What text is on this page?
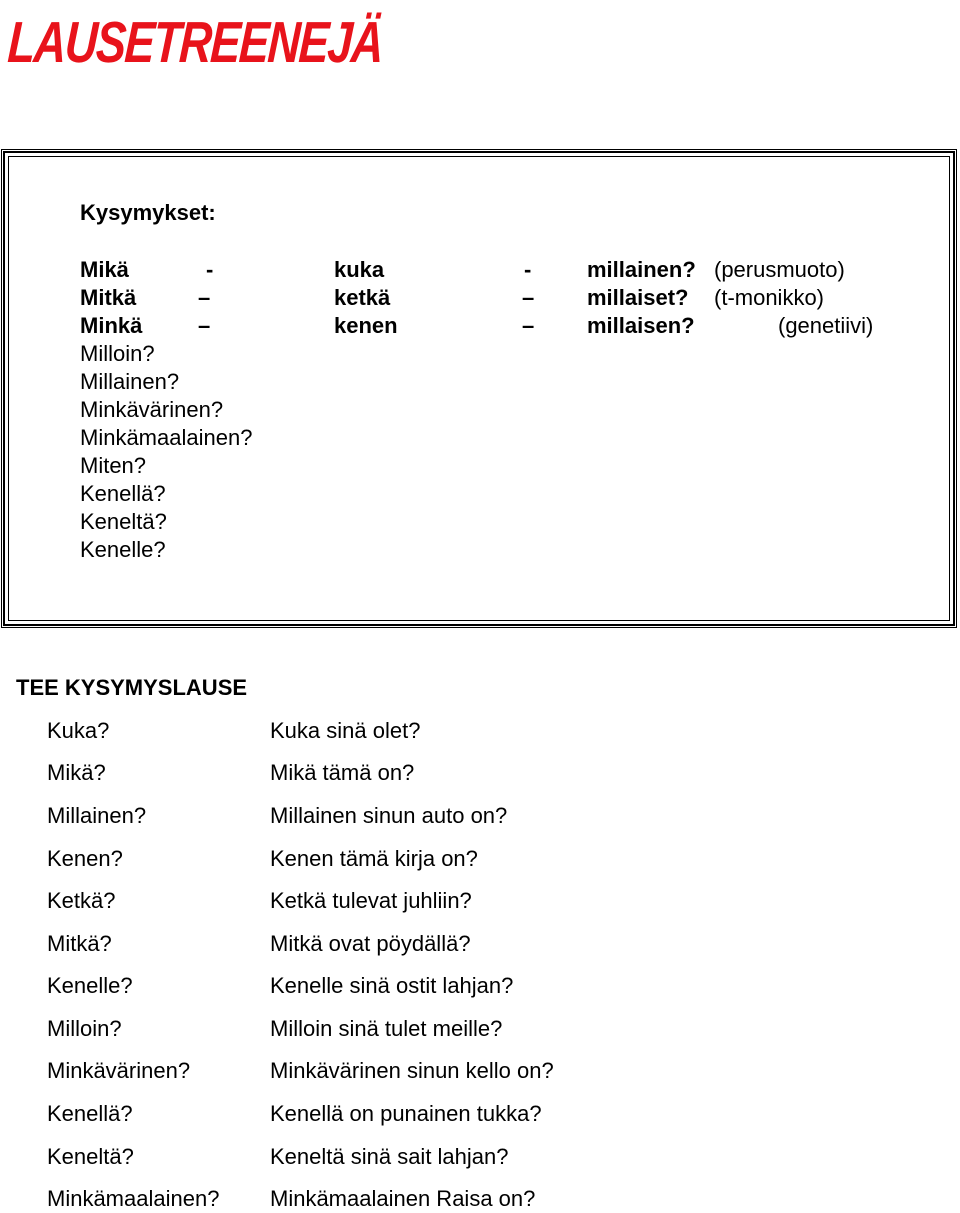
LAUSETREENEJÄ
Kysymykset:
Mikä	-	kuka	-	millainen? (perusmuoto)
Mitkä	–	ketkä	– millaiset? (t-monikko)
Minkä	–	kenen	– millaisen?	(genetiivi)
Milloin?
Millainen?
Minkävärinen?
Minkämaalainen?
Miten?
Kenellä?
Keneltä?
Kenelle?
TEE KYSYMYSLAUSE
Kuka?	Kuka sinä olet?
Mikä?	Mikä tämä on?
Millainen?	Millainen sinun auto on?
Kenen?	Kenen tämä kirja on?
Ketkä?	Ketkä tulevat juhliin?
Mitkä?	Mitkä ovat pöydällä?
Kenelle?	Kenelle sinä ostit lahjan?
Milloin?	Milloin sinä tulet meille?
Minkävärinen?	Minkävärinen sinun kello on?
Kenellä?	Kenellä on punainen tukka?
Keneltä?	Keneltä sinä sait lahjan?
Minkämaalainen? Minkämaalainen Raisa on?
